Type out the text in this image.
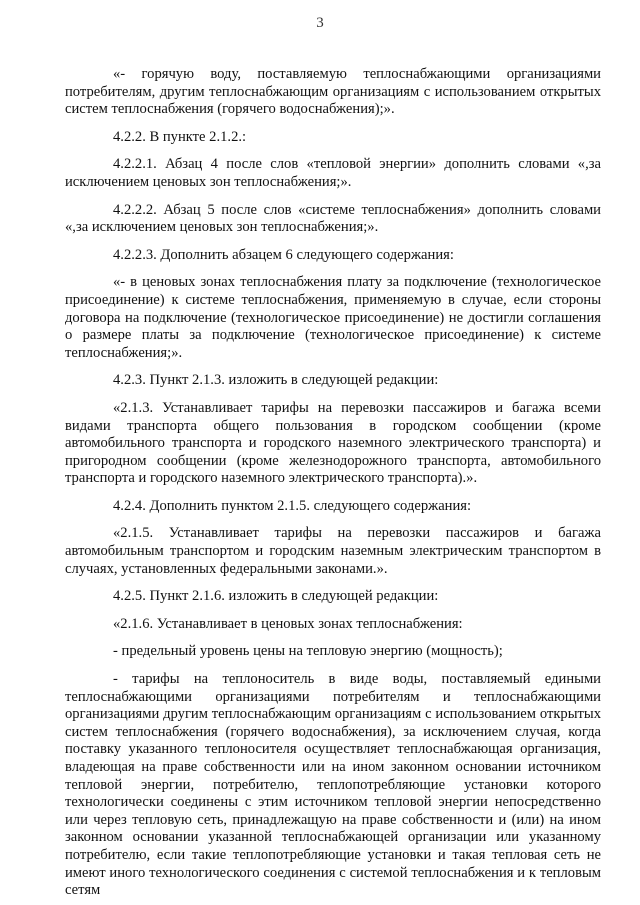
3

«- горячую воду, поставляемую теплоснабжающими организациями потребителям, другим теплоснабжающим организациям с использованием открытых систем теплоснабжения (горячего водоснабжения);».

4.2.2. В пункте 2.1.2.:

4.2.2.1. Абзац 4 после слов «тепловой энергии» дополнить словами «,за исключением ценовых зон теплоснабжения;».

4.2.2.2. Абзац 5 после слов «системе теплоснабжения» дополнить словами «,за исключением ценовых зон теплоснабжения;».

4.2.2.3. Дополнить абзацем 6 следующего содержания:

«- в ценовых зонах теплоснабжения плату за подключение (технологическое присоединение) к системе теплоснабжения, применяемую в случае, если стороны договора на подключение (технологическое присоединение) не достигли соглашения о размере платы за подключение (технологическое присоединение) к системе теплоснабжения;».

4.2.3. Пункт 2.1.3. изложить в следующей редакции:

«2.1.3. Устанавливает тарифы на перевозки пассажиров и багажа всеми видами транспорта общего пользования в городском сообщении (кроме автомобильного транспорта и городского наземного электрического транспорта) и пригородном сообщении (кроме железнодорожного транспорта, автомобильного транспорта и городского наземного электрического транспорта).».

4.2.4. Дополнить пунктом 2.1.5. следующего содержания:

«2.1.5. Устанавливает тарифы на перевозки пассажиров и багажа автомобильным транспортом и городским наземным электрическим транспортом в случаях, установленных федеральными законами.».

4.2.5. Пункт 2.1.6. изложить в следующей редакции:

«2.1.6. Устанавливает в ценовых зонах теплоснабжения:

- предельный уровень цены на тепловую энергию (мощность);

- тарифы на теплоноситель в виде воды, поставляемый едиными теплоснабжающими организациями потребителям и теплоснабжающими организациями другим теплоснабжающим организациям с использованием открытых систем теплоснабжения (горячего водоснабжения), за исключением случая, когда поставку указанного теплоносителя осуществляет теплоснабжающая организация, владеющая на праве собственности или на ином законном основании источником тепловой энергии, потребителю, теплопотребляющие установки которого технологически соединены с этим источником тепловой энергии непосредственно или через тепловую сеть, принадлежащую на праве собственности и (или) на ином законном основании указанной теплоснабжающей организации или указанному потребителю, если такие теплопотребляющие установки и такая тепловая сеть не имеют иного технологического соединения с системой теплоснабжения и к тепловым сетям
